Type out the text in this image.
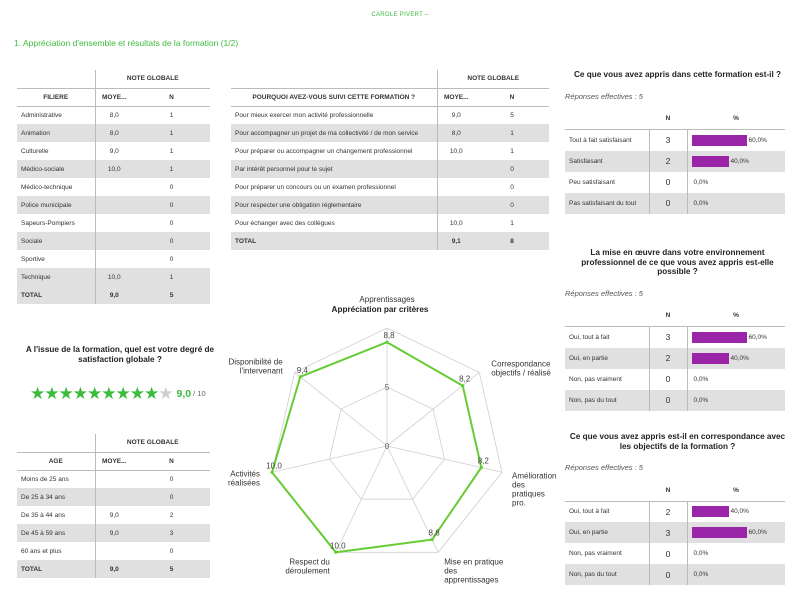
CAROLE PIVERT –
1. Appréciation d'ensemble et résultats de la formation (1/2)
	NOTE GLOBALE	
FILIERE	MOYE...	N
Administrative	8,0	1
Animation	8,0	1
Culturelle	9,0	1
Médico-sociale	10,0	1
Médico-technique		0
Police municipale		0
Sapeurs-Pompiers		0
Sociale		0
Sportive		0
Technique	10,0	1
TOTAL	9,0	5
	NOTE GLOBALE	
POURQUOI AVEZ-VOUS SUIVI CETTE FORMATION ?	MOYE...	N
Pour mieux exercer mon activité professionnelle	9,0	5
Pour accompagner un projet de ma collectivité / de mon service	8,0	1
Pour préparer ou accompagner un changement professionnel	10,0	1
Par intérêt personnel pour le sujet		0
Pour préparer un concours ou un examen professionnel		0
Pour respecter une obligation réglementaire		0
Pour échanger avec des collègues	10,0	1
TOTAL	9,1	8
A l'issue de la formation, quel est votre degré de satisfaction globale ?
★ ★ ★ ★ ★ ★ ★ ★ ★ ★ 9,0 / 10
	NOTE GLOBALE	
AGE	MOYE...	N
Moins de 25 ans		0
De 25 à 34 ans		0
De 35 à 44 ans	9,0	2
De 45 à 59 ans	9,0	3
60 ans et plus		0
TOTAL	9,0	5
Appréciation par critères
0
5
8,8
Apprentissages
8,2
Correspondance objectifs / réalisé
8,2
Amélioration des pratiques pro.
8,8
Mise en pratique des apprentissages
10,0
Respect du déroulement
10,0
Activités réalisées
9,4
Disponibilité de l'intervenant
Ce que vous avez appris dans cette formation est-il ?
Réponses effectives : 5
	N	%
Tout à fait satisfaisant	3	60,0%

Satisfaisant	2	40,0%

Peu satisfaisant	0	0,0%

Pas satisfaisant du tout	0	0,0%
La mise en œuvre dans votre environnement professionnel de ce que vous avez appris est-elle possible ?
Réponses effectives : 5
	N	%
Oui, tout à fait	3	60,0%

Oui, en partie	2	40,0%

Non, pas vraiment	0	0,0%

Non, pas du tout	0	0,0%
Ce que vous avez appris est-il en correspondance avec les objectifs de la formation ?
Réponses effectives : 5
	N	%
Oui, tout à fait	2	40,0%

Oui, en partie	3	60,0%

Non, pas vraiment	0	0,0%

Non, pas du tout	0	0,0%
